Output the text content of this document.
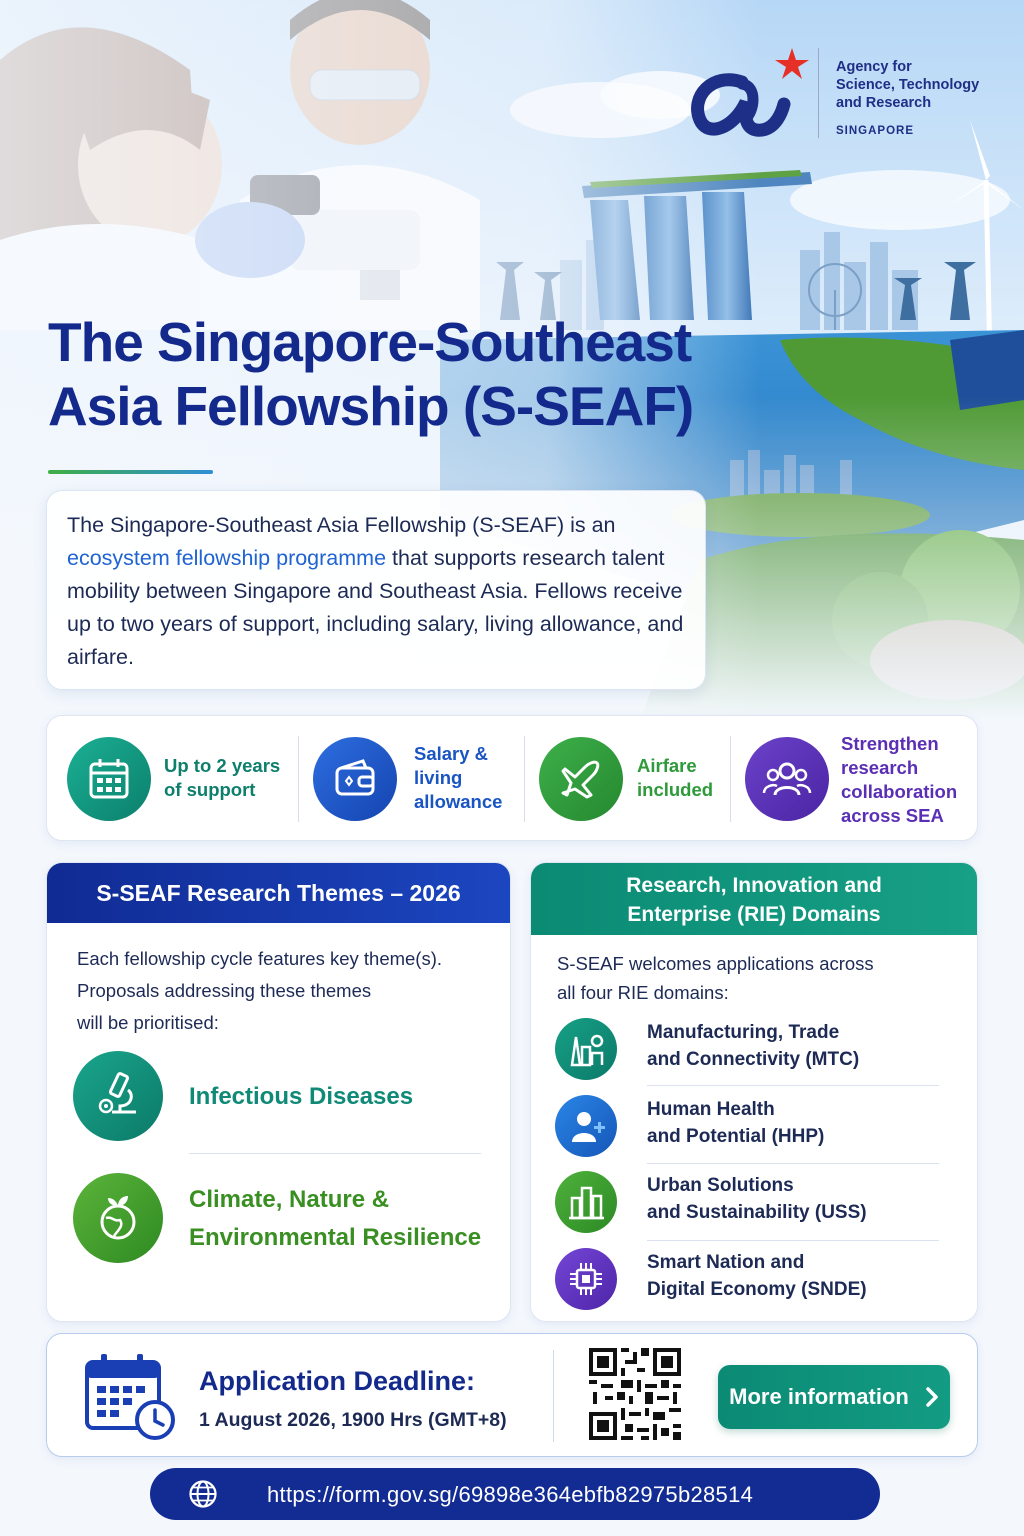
Agency for
Science, Technology
and Research
SINGAPORE
The Singapore-Southeast
Asia Fellowship (S-SEAF)
The Singapore-Southeast Asia Fellowship (S-SEAF) is an ecosystem fellowship programme that supports research talent mobility between Singapore and Southeast Asia. Fellows receive up to two years of support, including salary, living allowance, and airfare.
Up to 2 years
of support
Salary &
living
allowance
Airfare
included
Strengthen
research
collaboration
across SEA
S-SEAF Research Themes – 2026
Each fellowship cycle features key theme(s).
Proposals addressing these themes
will be prioritised:
Infectious Diseases
Climate, Nature &
Environmental Resilience
Research, Innovation and
Enterprise (RIE) Domains
S-SEAF welcomes applications across
all four RIE domains:
Manufacturing, Trade
and Connectivity (MTC)
Human Health
and Potential (HHP)
Urban Solutions
and Sustainability (USS)
Smart Nation and
Digital Economy (SNDE)
Application Deadline:
1 August 2026, 1900 Hrs (GMT+8)
More information
https://form.gov.sg/69898e364ebfb82975b28514
